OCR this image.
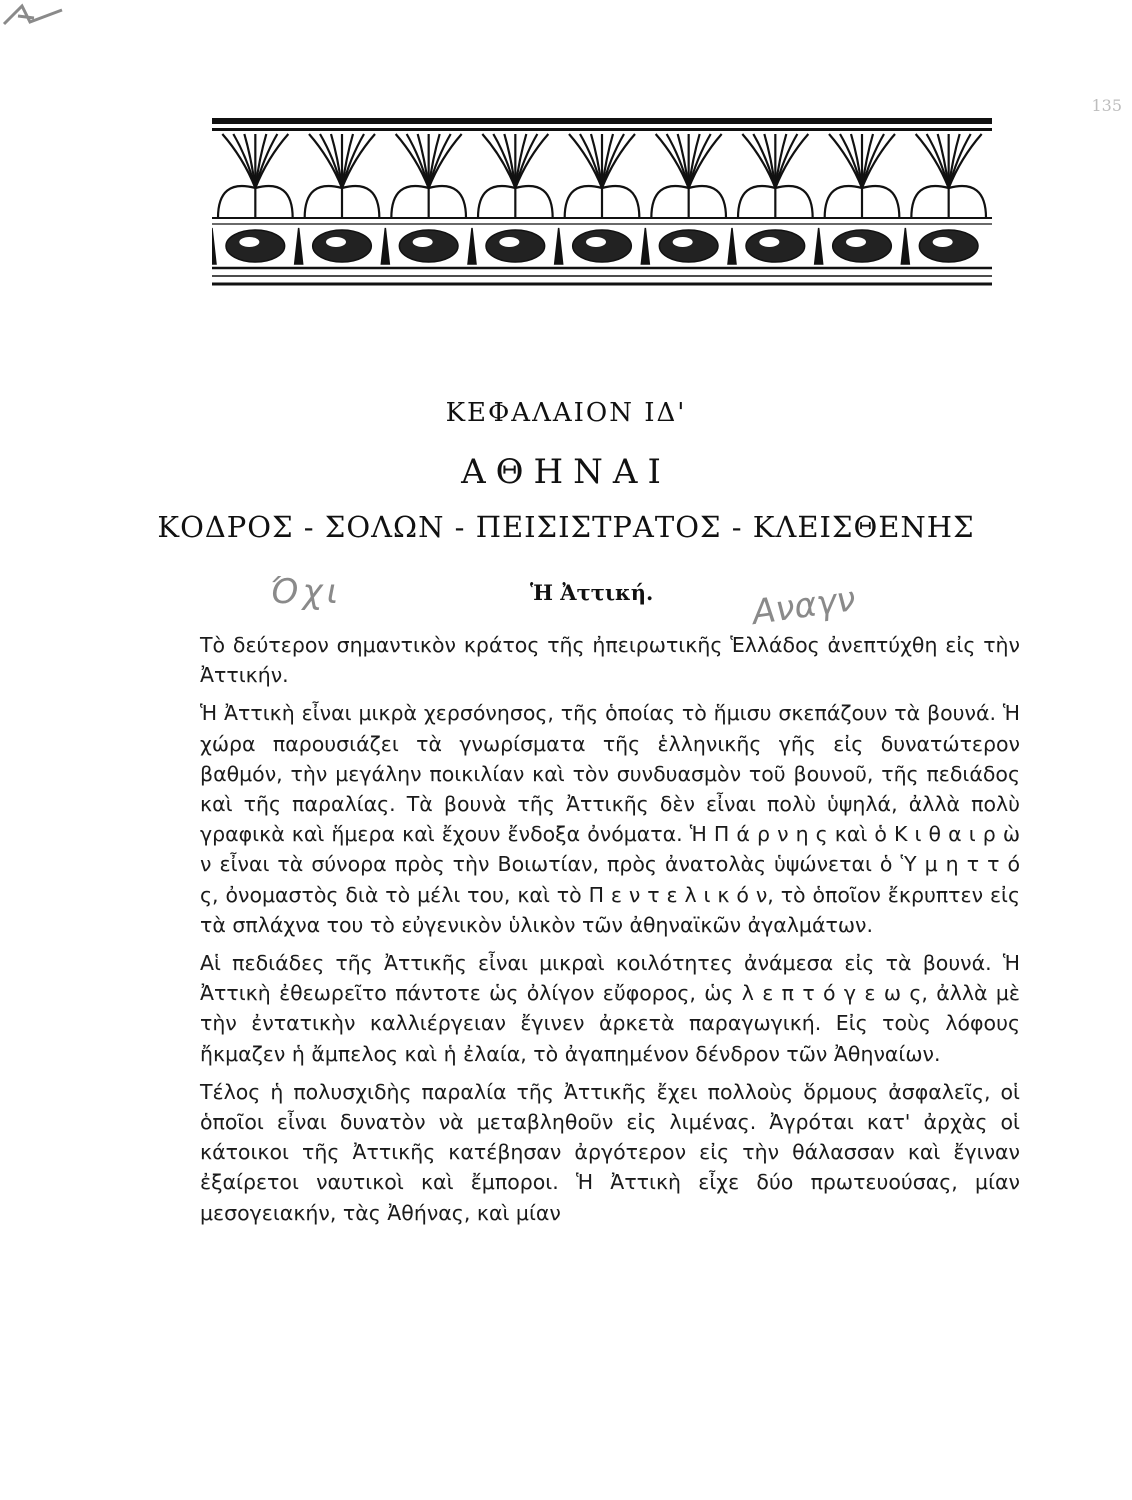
135
ΚΕΦΑΛΑΙΟΝ ΙΔ'
ΑΘΗΝΑΙ
ΚΟΔΡΟΣ - ΣΟΛΩΝ - ΠΕΙΣΙΣΤΡΑΤΟΣ - ΚΛΕΙΣΘΕΝΗΣ
Όχι	Ἡ Ἀττική.	Αναγν

Τὸ δεύτερον σημαντικὸν κράτος τῆς ἠπειρωτικῆς Ἑλλάδος ἀνεπτύχθη εἰς τὴν Ἀττικήν.

Ἡ Ἀττικὴ εἶναι μικρὰ χερσόνησος, τῆς ὁποίας τὸ ἥμισυ σκεπάζουν τὰ βουνά. Ἡ χώρα παρουσιάζει τὰ γνωρίσματα τῆς ἑλληνικῆς γῆς εἰς δυνατώτερον βαθμόν, τὴν μεγάλην ποικιλίαν καὶ τὸν συνδυασμὸν τοῦ βουνοῦ, τῆς πεδιάδος καὶ τῆς παραλίας. Τὰ βουνὰ τῆς Ἀττικῆς δὲν εἶναι πολὺ ὑψηλά, ἀλλὰ πολὺ γραφικὰ καὶ ἥμερα καὶ ἔχουν ἔνδοξα ὀνόματα. Ἡ Π ά ρ ν η ς καὶ ὁ Κ ι θ α ι ρ ὼ ν εἶναι τὰ σύνορα πρὸς τὴν Βοιωτίαν, πρὸς ἀνατολὰς ὑψώνεται ὁ Ὑ μ η τ τ ό ς, ὀνομαστὸς διὰ τὸ μέλι του, καὶ τὸ Π ε ν τ ε λ ι κ ό ν, τὸ ὁποῖον ἔκρυπτεν εἰς τὰ σπλάχνα του τὸ εὐγενικὸν ὑλικὸν τῶν ἀθηναϊκῶν ἀγαλμάτων.

Αἱ πεδιάδες τῆς Ἀττικῆς εἶναι μικραὶ κοιλότητες ἀνάμεσα εἰς τὰ βουνά. Ἡ Ἀττικὴ ἐθεωρεῖτο πάντοτε ὡς ὀλίγον εὔφορος, ὡς λ ε π τ ό γ ε ω ς, ἀλλὰ μὲ τὴν ἐντατικὴν καλλιέργειαν ἔγινεν ἀρκετὰ παραγωγική. Εἰς τοὺς λόφους ἤκμαζεν ἡ ἄμπελος καὶ ἡ ἐλαία, τὸ ἀγαπημένον δένδρον τῶν Ἀθηναίων.

Τέλος ἡ πολυσχιδὴς παραλία τῆς Ἀττικῆς ἔχει πολλοὺς ὅρμους ἀσφαλεῖς, οἱ ὁποῖοι εἶναι δυνατὸν νὰ μεταβληθοῦν εἰς λιμένας. Ἀγρόται κατ' ἀρχὰς οἱ κάτοικοι τῆς Ἀττικῆς κατέβησαν ἀργότερον εἰς τὴν θάλασσαν καὶ ἔγιναν ἐξαίρετοι ναυτικοὶ καὶ ἔμποροι. Ἡ Ἀττικὴ εἶχε δύο πρωτευούσας, μίαν μεσογειακήν, τὰς Ἀθήνας, καὶ μίαν
